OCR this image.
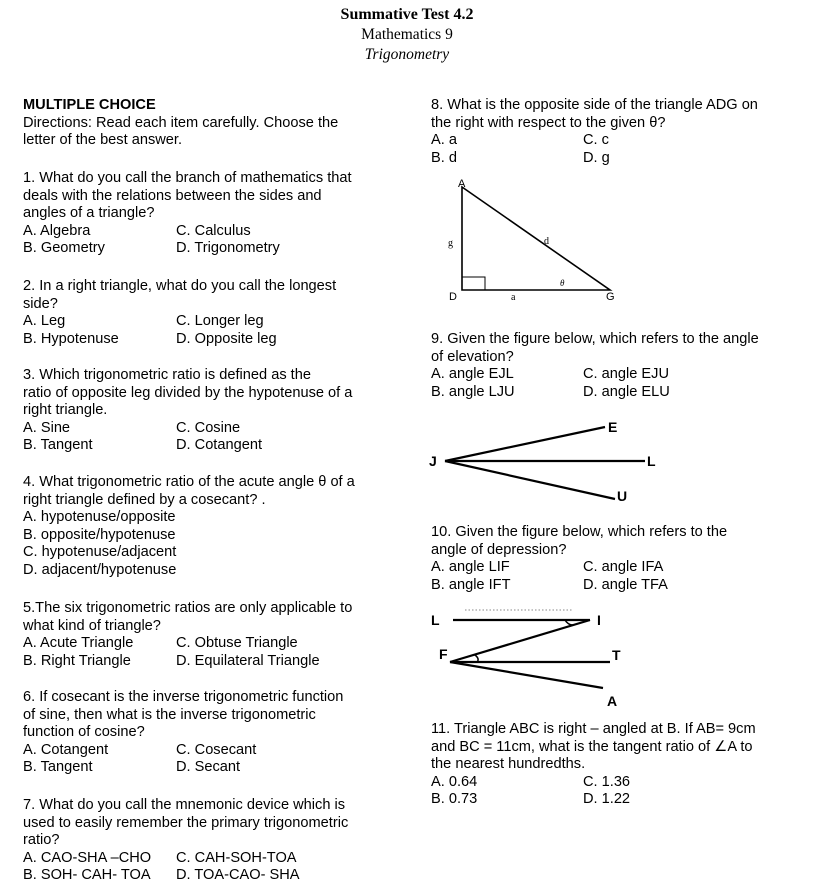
Summative Test 4.2
Mathematics 9
Trigonometry
MULTIPLE CHOICE
Directions: Read each item carefully. Choose the
letter of the best answer.
1. What do you call the branch of mathematics that
deals with the relations between the sides and
angles of a triangle?
A. Algebra	C. Calculus
B. Geometry	D. Trigonometry
2. In a right triangle, what do you call the longest
side?
A. Leg	C. Longer leg
B. Hypotenuse	D. Opposite leg
3. Which trigonometric ratio is defined as the
ratio of opposite leg divided by the hypotenuse of a
right triangle.
A. Sine	C. Cosine
B. Tangent	D. Cotangent
4. What trigonometric ratio of the acute angle θ of a
right triangle defined by a cosecant? .
A. hypotenuse/opposite
B. opposite/hypotenuse
C. hypotenuse/adjacent
D. adjacent/hypotenuse
5.The six trigonometric ratios are only applicable to
what kind of triangle?
A. Acute Triangle	C. Obtuse Triangle
B. Right Triangle	D. Equilateral Triangle
6. If cosecant is the inverse trigonometric function
of sine, then what is the inverse trigonometric
function of cosine?
A. Cotangent	C. Cosecant
B. Tangent	D. Secant
7. What do you call the mnemonic device which is
used to easily remember the primary trigonometric
ratio?
A. CAO-SHA –CHO C. CAH-SOH-TOA
B. SOH- CAH- TOA D. TOA-CAO- SHA
8. What is the opposite side of the triangle ADG on
the right with respect to the given θ?
A. a	C. c
B. d	D. g
A
D	G
g	d
a
θ
9. Given the figure below, which refers to the angle
of elevation?
A. angle EJL	C. angle EJU
B. angle LJU	D. angle ELU
E
J	L
U
10. Given the figure below, which refers to the
angle of depression?
A. angle LIF	C. angle IFA
B. angle IFT	D. angle TFA
L	I
F	T
A
11. Triangle ABC is right – angled at B. If AB= 9cm
and BC = 11cm, what is the tangent ratio of ∠A to
the nearest hundredths.
A. 0.64	C. 1.36
B. 0.73	D. 1.22
